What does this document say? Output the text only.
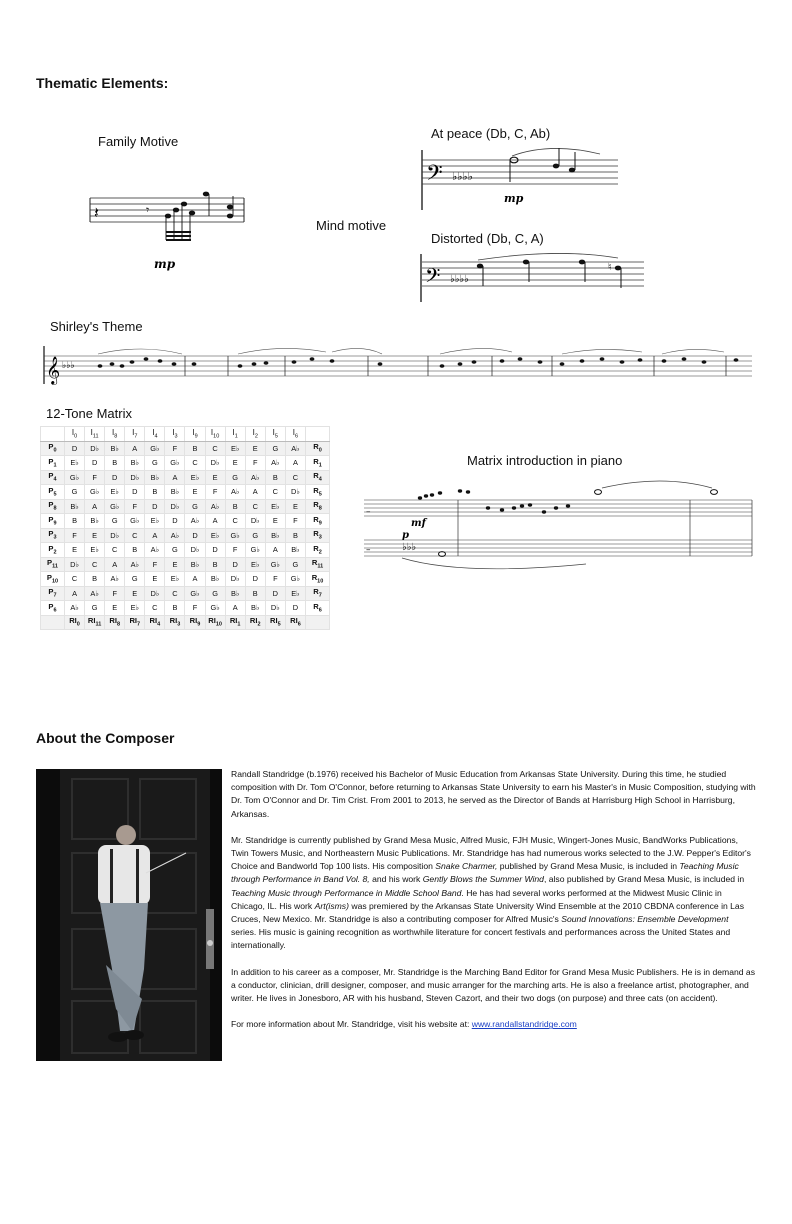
Thematic Elements:
Family Motive
𝄽	𝄾
mp
Mind motive
At peace (Db, C, Ab)
𝄢 ♭♭♭♭
mp
Distorted (Db, C, A)
𝄢 ♭♭♭♭
♮
Shirley's Theme
𝄞 ♭♭♭
12-Tone Matrix
	$I_0$	$I_{11}$	$I_8$	$I_7$	$I_4$	$I_3$	$I_9$	$I_{10}$	$I_1$	$I_2$	$I_5$	$I_6$	
$P_0$	D	D♭	B♭	A	G♭	F	B	C	E♭	E	G	A♭	$R_0$
$P_1$	E♭	D	B	B♭	G	G♭	C	D♭	E	F	A♭	A	$R_1$
$P_4$	G♭	F	D	D♭	B♭	A	E♭	E	G	A♭	B	C	$R_4$
$P_5$	G	G♭	E♭	D	B	B♭	E	F	A♭	A	C	D♭	$R_5$
$P_8$	B♭	A	G♭	F	D	D♭	G	A♭	B	C	E♭	E	$R_8$
$P_9$	B	B♭	G	G♭	E♭	D	A♭	A	C	D♭	E	F	$R_9$
$P_3$	F	E	D♭	C	A	A♭	D	E♭	G♭	G	B♭	B	$R_3$
$P_2$	E	E♭	C	B	A♭	G	D♭	D	F	G♭	A	B♭	$R_2$
$P_{11}$	D♭	C	A	A♭	F	E	B♭	B	D	E♭	G♭	G	$R_{11}$
$P_{10}$	C	B	A♭	G	E	E♭	A	B♭	D♭	D	F	G♭	$R_{10}$
$P_7$	A	A♭	F	E	D♭	C	G♭	G	B♭	B	D	E♭	$R_7$
$P_6$	A♭	G	E	E♭	C	B	F	G♭	A	B♭	D♭	D	$R_6$
	$RI_0$	$RI_{11}$	$RI_8$	$RI_7$	$RI_4$	$RI_3$	$RI_9$	$RI_{10}$	$RI_1$	$RI_2$	$RI_5$	$RI_6$	
Matrix introduction in piano
–
–	♭♭♭
mf
p
About the Composer

Randall Standridge (b.1976) received his Bachelor of Music Education from Arkansas State University. During this time, he studied composition with Dr. Tom O'Connor, before returning to Arkansas State University to earn his Master's in Music Composition, studying with Dr. Tom O'Connor and Dr. Tim Crist. From 2001 to 2013, he served as the Director of Bands at Harrisburg High School in Harrisburg, Arkansas.

Mr. Standridge is currently published by Grand Mesa Music, Alfred Music, FJH Music, Wingert-Jones Music, BandWorks Publications, Twin Towers Music, and Northeastern Music Publications. Mr. Standridge has had numerous works selected to the J.W. Pepper's Editor's Choice and Bandworld Top 100 lists. His composition Snake Charmer, published by Grand Mesa Music, is included in Teaching Music through Performance in Band Vol. 8, and his work Gently Blows the Summer Wind, also published by Grand Mesa Music, is included in Teaching Music through Performance in Middle School Band. He has had several works performed at the Midwest Music Clinic in Chicago, IL. His work Art(isms) was premiered by the Arkansas State University Wind Ensemble at the 2010 CBDNA conference in Las Cruces, New Mexico. Mr. Standridge is also a contributing composer for Alfred Music's Sound Innovations: Ensemble Development series. His music is gaining recognition as worthwhile literature for concert festivals and performances across the United States and internationally.

In addition to his career as a composer, Mr. Standridge is the Marching Band Editor for Grand Mesa Music Publishers. He is in demand as a conductor, clinician, drill designer, composer, and music arranger for the marching arts. He is also a freelance artist, photographer, and writer. He lives in Jonesboro, AR with his husband, Steven Cazort, and their two dogs (on purpose) and three cats (on accident).

For more information about Mr. Standridge, visit his website at: www.randallstandridge.com
